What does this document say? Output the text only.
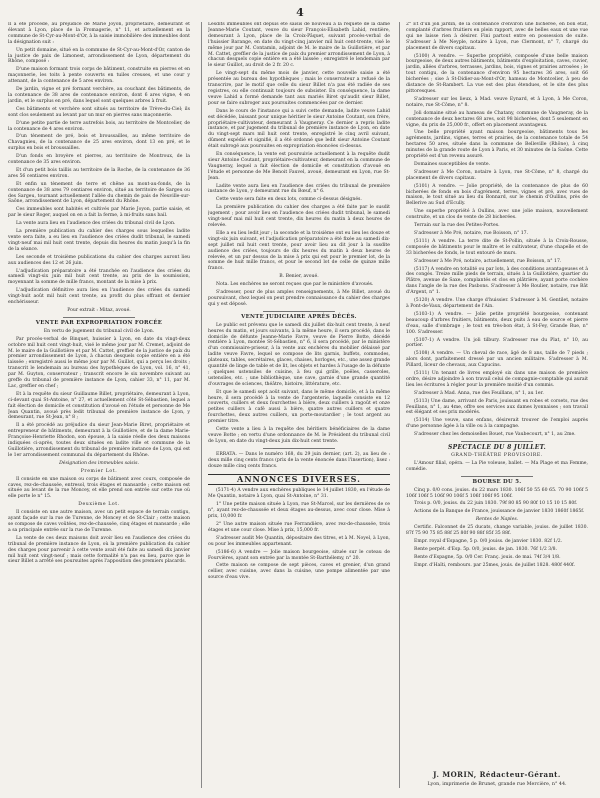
4

Il a été procédé, au préjudice de Marie Joyon, propriétaire, demeurant et élevant à Lyon, place de la Fromagerie, n° 11, et actuellement en la commune de St-Cyr-au-Mont-d'Or, à la saisie immobilière des immeubles dont la désignation suit :

Un petit domaine, situé en la commune de St-Cyr-au-Mont-d'Or, canton de la justice de paix de Limonest, arrondissement de Lyon, département du Rhône, composé :

D'une maison formant trois corps de bâtiment, construite en pierres et en maçonnerie, les toits à pente couverts en tuiles creuses, et une cour y attenant, de la contenance de 5 ares environ.

De jardin, vigne et pré formant verchère, au couchant des bâtiments, de la contenance de 38 ares de contenance environ, dont 6 ares vigne, 4 en jardin, et le surplus en pré, dans lequel sont quelques arbres à fruit.

Ces bâtiments et verchère sont situés au territoire de Trève-du-Ciel; ils sont clos seulement au levant par un mur en pierres sans maçonnerie.

D'une petite partie de terre autrefois bois, au territoire de Montcelier, de la contenance de 4 ares environ.

D'un tènement de pré, bois et broussailles, au même territoire de Chavagnieu, de la contenance de 25 ares environ, dont 13 en pré, et le surplus en bois et broussailles.

D'un fonds en broyère et pierres, au territoire de Montroux, de la contenance de 35 ares environ.

Et d'un petit bois taillis au territoire de la Roche, de la contenance de 36 ares 56 centiares environ.

Et enfin un tènement de terre et chêne au mont-au-fonds, de la contenance de 38 ares 79 centiares environ, situé au territoire de Sargeu ou des Sargeu, tournant actuellement l'allée du chemin de pais de Neuville-sur-Saône, arrondissement de Lyon, département du Rhône.

Ces immeubles sont habités et cultivés par Marie Joyon, partie saisie, et par le sieur Roger, auquel on en a fait la ferme, à mi-fruits sans bail.

La vente aura lieu en l'audience des criées du tribunal civil de Lyon.

La première publication du cahier des charges sous lesquelles ladite vente sera faite, a eu lieu en l'audience des criées dudit tribunal, le samedi vingt-neuf mai mil huit cent trente, depuis dix heures du matin jusqu'à la fin de la séance.

Les seconde et troisième publications du cahier des charges auront lieu aux audiences des 12 et 26 juin.

L'adjudication préparatoire a été tranchée en l'audience des criées du samedi vingt-six juin mil huit cent trente, au prix de la soumission, moyennant la somme de mille francs, montant de la mise à prix.

L'adjudication définitive aura lieu en l'audience des criées du samedi vingt-huit août mil huit cent trente, au profit du plus offrant et dernier enchérisseur.

Pour extrait : Mitaz, avoué.

VENTE PAR EXPROPRIATION FORCÉE

En vertu de jugement du tribunal civil de Lyon.

Par procès-verbal de Binquet, huissier à Lyon, en date du vingt-deux octobre mil huit cent vingt-huit, visé le même jour par M. Cremet, adjoint de M. le maire de la Guillotière et par M. Cattet, greffier de la justice de paix du premier arrondissement de Lyon, à chacun desquels copie entière en a été laissée ; enregistré aussi le même jour par M. Guillot, qui a perçu les droits ; transcrit le lendemain au bureau des hypothèques de Lyon, vol. 16, n° 41, par M. Guyton, conservateur ; transcrit encore le six novembre suivant au greffe du tribunal de première instance de Lyon, cahier 33, n° 11, par M. Lac, greffier en chef ;

Et à la requête du sieur Guillaume Billet, propriétaire, demeurant à Lyon, ci-devant quai St-Antoine, n° 27, et actuellement côté St-Sébastien, lequel a fait élection de domicile et constitution d'avoué en l'étude et personne de Me Jean Quantin, avoué près ledit tribunal de première instance de Lyon, y demeurant, rue St-Jean, n° 8 ;

Il a été procédé au préjudice du sieur Jean-Marie Biret, propriétaire et entrepreneur de bâtiments, demeurant à la Guillotière, et de la dame Marie-Françoise-Henriette Rhodon, son épouse, à la saisie réelle des deux maisons indiquées ci-après, toutes deux situées en ladite ville et commune de la Guillotière, arrondissement du tribunal de première instance de Lyon, qui est le 1er arrondissement communal du département du Rhône.

Désignation des immeubles saisis.

Premier Lot.

Il consiste en une maison ou corps de bâtiment avec cours, composée de caves, rez-de-chaussée, entresol, trois étages et mansarde ; cette maison est située au levant de la rue Moncey, et elle prend son entrée sur cette rue où elle porte le n° 15.

Deuxième Lot.

Il consiste en une autre maison, avec un petit espace de terrain contigu, ayant façade sur la rue de Turenne, de Moncey et de St-Clair ; cette maison se compose de caves voûtées, rez-de-chaussée, cinq étages et mansarde ; elle a sa principale entrée sur la rue de Turenne.

La vente de ces deux maisons doit avoir lieu en l'audience des criées du tribunal de première instance de Lyon, où la première publication du cahier des charges pour parvenir à cette vente avait été faite au samedi dix janvier mil huit cent vingt-neuf ; mais cette formalité n'a pas eu lieu, parce que le sieur Billet a arrêté ses poursuites après l'apposition des premiers placards.

Lesdits immeubles ont depuis été saisis de nouveau à la requête de la dame Jeanne-Marie Coutant, veuve du sieur François-Elisabeth Lahid, rentière, demeurant à Lyon, place de la Croix-Pâquet, suivant procès-verbal de l'huissier Barange, en date du vingt-cinq janvier mil huit cent-trente, visé le même jour par M. Contamin, adjoint de M. le maire de la Guillotière, et par M. Cattet, greffier de la justice de paix du premier arrondissement de Lyon, à chacun desquels copie entière en a été laissée ; enregistré le lendemain par le sieur Guillot, au droit de 2 fr. 20 c.

Le vingt-sept du même mois de janvier, cette nouvelle saisie a été présentée au bureau des hypothèques ; mais le conservateur a refusé de la transcrire, par le motif que celle du sieur Billet n'a pas été radiée de ses registres, ou elle continuait toujours de subsister. En conséquence, la dame veuve Lahid a formé demande tant aux mariés Biret qu'audit sieur Billet, pour se faire subroger aux poursuites commencées par ce dernier.

Dans le cours de l'instance qui a suivi cette demande, ladite veuve Lahid est décédée, laissant pour unique héritier le sieur Antoine Coutant, son frère, propriétaire-cultivateur, demeurant à Vaugneray. Ce dernier a repris ladite instance, et par jugement du tribunal de première instance de Lyon, en date du vingt-sept mars mil huit cent trente, enregistré le cinq avril suivant, dûment expédié et signifié, il a été ordonné que ledit sieur Antoine Coutant était subrogé aux poursuites en expropriation énoncées ci-dessus.

En conséquence, la vente est poursuivie actuellement à la requête dudit sieur Antoine Coutant, propriétaire-cultivateur, demeurant en la commune de Vaugneray, lequel a fait élection de domicile et constitution d'avoué en l'étude et personne de Me Benoit Fauvel, avoué, demeurant en Lyon, rue St-Jean.

Ladite vente aura lieu en l'audience des criées du tribunal de première instance de Lyon, y demeurant rue du Bœuf, n° 6.

Cette vente sera faite en deux lots, comme ci-dessus désignés.

La première publication du cahier des charges a été faite par le susdit jugement ; pour avoir lieu en l'audience des criées dudit tribunal, le samedi vingt-neuf mai mil huit cent trente, dix heures du matin à deux heures de relevée.

Elle a eu lieu ledit jour ; la seconde et la troisième ont eu lieu les douze et vingt-six juin suivant, et l'adjudication préparatoire a été fixée au samedi dix-sept juillet mil huit cent trente, pour avoir lieu au dit jour à la susdite audience des criées, toujours de dix heures du matin à deux heures de relevée, et un pur dessus de la mise à prix qui est pour le premier lot, de la somme de huit mille francs, et pour le second lot de celle de quinze mille francs.

B. Benier, avoué.

Nota. Les enchères ne seront reçues que par le ministère d'avoués.

S'adresser, pour de plus amples renseignements, à Me Billet, avoué du poursuivant, chez lequel on peut prendre connaissance du cahier des charges qui y est déposé.

VENTE JUDICIAIRE APRÈS DÉCÈS.

Le public est prévenu que le samedi dix juillet dix-huit cent trente, à neuf heures du matin, et jours suivants, à la même heure, il sera procédé, dans le domicile de défunte Jeanne-Marie Favre, veuve de Pierre Botte, décédé rentière à Lyon, montée St-Sébastien, n° 6, il sera procédé, par le ministère d'un commissaire-priseur, à la vente aux enchères du mobilier délaissé par ladite veuve Favre, lequel se compose de lits garnis, buffets, commodes, plateaux, tables, secrétaires, glaces, chaises, horloges, etc., une assez grande quantité de linge de table et de lit, les objets et hardes à l'usage de la défunte ; quelques ustensiles de cuisine, à feu qui grille, poêles, casseroles, ustensiles, etc. ; une bibliothèque, une cave, garnie d'une grande quantité d'ouvrages de sciences, théâtre, histoire, littérature, etc.

Et que le samedi sept août suivant, dans le même domicile, et à la même heure, il sera procédé à la vente de l'argenterie, laquelle consiste en 12 couverts, cuillers et deux fourchettes à bière, deux cuillers à ragoût et onze petites cuillers à café aussi à bière, quatre autres cuillers et quatre fourchettes, deux autres cuillers, un porte-moutardier ; le tout argent au premier titre.

Cette vente a lieu à la requête des héritiers bénéficiaires de la dame veuve Botte ; en vertu d'une ordonnance de M. le Président du tribunal civil de Lyon, en date du vingt-deux juin dix-huit cent trente.

ERRATA. — Dans le numéro 168, du 29 juin dernier, (art. 2), au lieu de : deux mille cinq cents francs (prix de la vente énoncée dans l'insertion), lisez : douze mille cinq cents francs.

ANNONCES DIVERSES.

(5171-4) A vendre aux enchères publiques le 14 juillet 1830, en l'étude de Me Quantin, notaire à Lyon, quai St-Antoine, n° 31.

1° Une petite maison située à Lyon, rue St-Marcel, sur les dernières de ce n°, ayant rez-de-chaussée et deux étages au-dessus, avec cour close. Mise à prix, 10,000 fr.

2° Une autre maison située rue Ferrandière, avec rez-de-chaussée, trois étages et une cour close. Mise à prix, 15,000 fr.

S'adresser audit Me Quantin, dépositaire des titres, et à M. Noyel, à Lyon, ou pour les immeubles appartenant.

(5186-6) A vendre — Jolie maison bourgeoise, située sur le coteau de Fourvières, ayant son entrée par la montée St-Barthélemy, n° 20.

Cette maison se compose de sept pièces, caves et grenier, d'un grand cellier, avec cuisine, avec dans la cuisine, une pompe alimentée par une source d'eau vive.

2° Et d'un joli jardin, de la contenance d'environ une bicherée, en bon état, complanté d'arbres fruitiers en plein rapport, avec de belles eaux et une vue qui ne laisse rien à désirer. Fini partout entre en possession de suite. S'adresser à Me Neyple, notaire à Lyon, rue Clermont, n° 7, chargé du placement de divers capitaux.

(5100) A vendre. — Superbe propriété, composée d'une belle maison bourgeoise, de deux autres bâtiments, bâtiments d'exploitation, caves, cuvier, jardin, allées d'arbres, terrasses, jardins, bois, vignes et prairies arrosées ; le tout contigu, de la contenance d'environ 95 hectares 36 ares, soit 66 bicherées ; sise à St-Didier-au-Mont-d'Or, hameau de Montcelier, à peu de distance de St-Rambert. La vue est des plus étendues, et le site des plus pittoresques.

S'adresser sur les lieux, à Mad. veuve Eynard, et à Lyon, à Me Coron, notaire, rue St-Côme, n° 8.

Joli domaine situé au hameau de Chatany, commune de Vaugneray, de la contenance de deux hectares 68 ares, soit 98 bicherées, dont 5 seulement en vigne, du prix de 25,000 fr., offert en placement avantageux.

Une belle propriété ayant maison bourgeoise, bâtiments tous les agréments, jardins, vignes, terres et prairies, de la contenance totale de 54 hectares 50 ares, située dans la commune de Belleville (Rhône), à cinq minutes de la grande route de Lyon à Paris, et 30 minutes de la Saône. Cette propriété est d'un revenu assuré.

Domaines susceptibles de vente.

S'adresser à Me Coron, notaire à Lyon, rue St-Côme, n° 8, chargé du placement de divers capitaux.

(5101) A vendre. — Jolie propriété, de la contenance de plus de 60 bicherées de fonds en bois d'agrément, terres, vignes et pré, avec vues de maison, le tout situé au lieu du Bonnard, sur le chemin d'Oullins, près de Bellerive au Sud d'Ecully.

Une superbe propriété à Oullins, avec une jolie maison, nouvellement construite, et un clos de vente de 28 bicherées.

Terrain sur la rue des Petites-Portes.

S'adresser à Me Pré, notaire, rue Boisson, n° 17.

(5111) A vendre. La terre dite de St-Pollin, située à la Croix-Rousse, composée de bâtiments pour le maître et le cultivateur, d'une chapelle et de 33 bicherées de fonds, le tout entouré de murs.

S'adresser à Me Pré, notaire, actuellement, rue Boisson, n° 17.

(5117) A vendre en totalité ou par lots, à des conditions avantageuses et à des congés. Treize mille pieds de terrain, situés à la Guillotière, quartier du Plâtre, avenue de Saxe, complantés et clos en plâtrière, ayant porte cochère dans l'angle de la rue des Pasbons. S'adresser à Me Roulier, notaire, rue Bât d'Argent, n° 1.

(5120) A vendre. Une charge d'huissier. S'adresser à M. Gentilet, notaire à Pont-de-Vaux, département de l'Ain.

(5103-1) A vendre. — Jolie petite propriété bourgeoise, contenant beaucoup d'arbres fruitiers, bâtiments, deux puits à eau de source et pierre d'eau, salle d'ombrage ; le tout en très-bon état, à St-Fey, Grande Rue, n° 100. S'adresser.

(5107-1) A vendre. Un joli tilbury. S'adresser rue du Plat, n° 10, au portier.

(5108) A vendre. — Un cheval de race, âgé de 8 ans, taille de 7 pieds ; alors dont, parfaitement dressé par un ancien militaire. S'adresser à M. Pillard, liceur de chevaux, aux Capucins.

(5111) Un tenant de livres employé six dans une maison de première ordre, désire adjoindre à son travail celui de compagnie-comptable qui aurait lieu les écritures à régler pour la première moitié d'un commis.

S'adresser à Mad. Anna, rue des Feuillans, n° 1, au 1er.

(5113) Une dame, arrivant de Paris, jouissant en robes et corsets, rue des Feuillans, n° 1, au 4me, offre ses services aux dames lyonnaises ; son travail est élégant et ses prix modérés.

(5114) Une veuve, sans enfans, désirerait trouver de l'emploi auprès d'une personne âgée à la ville ou à la campagne.

S'adresser chez les demoiselles Bouet, rue Vaubecourt, n° 1, au 2me.

SPECTACLE DU 8 JUILLET.

GRAND-THÉÂTRE PROVISOIRE.

L'Amour filial, opéra. — La Pie voleuse, ballet. — Ma Plage et ma Femme, comédie.

BOURSE DU 5.

Cinq p. 0/0 cons. jouiss. du 22 mars 1830. 106f 50 55 60 65. 70 90 106f 5 106f 106f 5 106f 90 106f 5 106f 106f 95 106f.

Trois p. 0/0, jouiss. du 22 juin 1830. 79f 80 85 90 80f 10 15 10 15 80f.

Actions de la Banque de France, jouissance de janvier 1830 1860f 1865f.

Rentes de Naples.

Certific. Falconnet de 25 ducats, change variable, jouiss. de juillet 1830. 87f 75 90 75 85 88f 25 80f 90 88f 85f 35 88f.

Empr. royal d'Espagne, 5 p. 0/0 jouiss. de janvier 1830. 82f 1/2.

Rente perpét. d'Esp. 5p. 0/0, jouiss. de jan. 1830. 76f 1/2 3/8.

Rente d'Espagne, 5p. 0/0 Cer. Franç. jouis. de mai. 74f 3/4 1/8.

Empr. d'Haïti, rembours. par 25mes, jouis. de juillet 1828. 480f 440f.

J. MORIN, Rédacteur-Gérant.
Lyon, imprimerie de Brunet, grande rue Mercière, n° 44.
